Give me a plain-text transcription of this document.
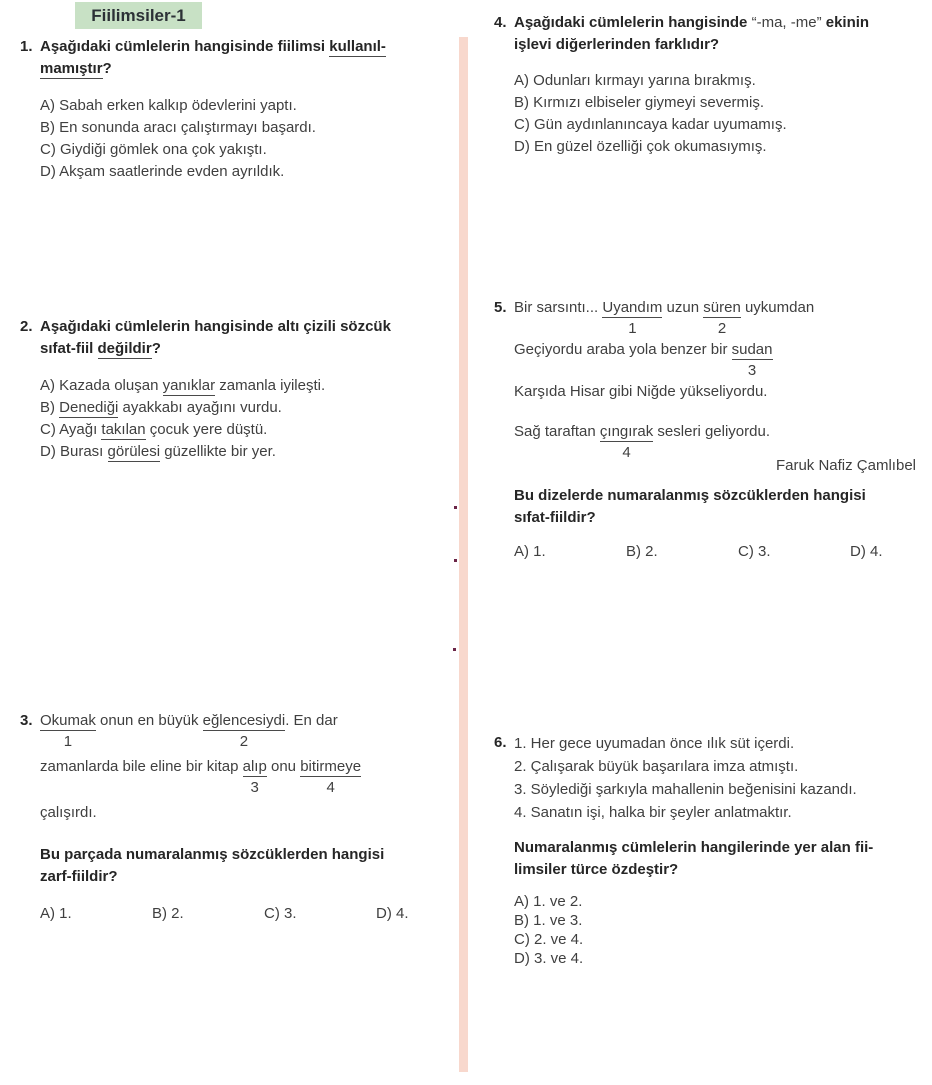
Fiilimsiler-1
1. Aşağıdaki cümlelerin hangisinde fiilimsi kullanıl-
mamıştır?

A) Sabah erken kalkıp ödevlerini yaptı.
B) En sonunda aracı çalıştırmayı başardı.
C) Giydiği gömlek ona çok yakıştı.
D) Akşam saatlerinde evden ayrıldık.
2. Aşağıdaki cümlelerin hangisinde altı çizili sözcük
sıfat-fiil değildir?

A) Kazada oluşan yanıklar zamanla iyileşti.
B) Denediği ayakkabı ayağını vurdu.
C) Ayağı takılan çocuk yere düştü.
D) Burası görülesi güzellikte bir yer.
3. Okumak
1
onun en büyük eğlencesiydi
2
. En dar
zamanlarda bile eline bir kitap alıp
3
onu bitirmeye
4
çalışırdı.

Bu parçada numaralanmış sözcüklerden hangisi
zarf-fiildir?

A) 1.	B) 2.	C) 3.	D) 4.
4. Aşağıdaki cümlelerin hangisinde “-ma, -me” ekinin
işlevi diğerlerinden farklıdır?

A) Odunları kırmayı yarına bırakmış.
B) Kırmızı elbiseler giymeyi severmiş.
C) Gün aydınlanıncaya kadar uyumamış.
D) En güzel özelliği çok okumasıymış.
5. Bir sarsıntı... Uyandım
1
uzun süren
2
uykumdan
Geçiyordu araba yola benzer bir sudan
3
Karşıda Hisar gibi Niğde yükseliyordu.
Sağ taraftan çıngırak
4
sesleri geliyordu.
Faruk Nafiz Çamlıbel

Bu dizelerde numaralanmış sözcüklerden hangisi
sıfat-fiildir?

A) 1.	B) 2.	C) 3.	D) 4.
6. 1. Her gece uyumadan önce ılık süt içerdi.
2. Çalışarak büyük başarılara imza atmıştı.
3. Söylediği şarkıyla mahallenin beğenisini kazandı.
4. Sanatın işi, halka bir şeyler anlatmaktır.

Numaralanmış cümlelerin hangilerinde yer alan fii-
limsiler türce özdeştir?

A) 1. ve 2.
B) 1. ve 3.
C) 2. ve 4.
D) 3. ve 4.
